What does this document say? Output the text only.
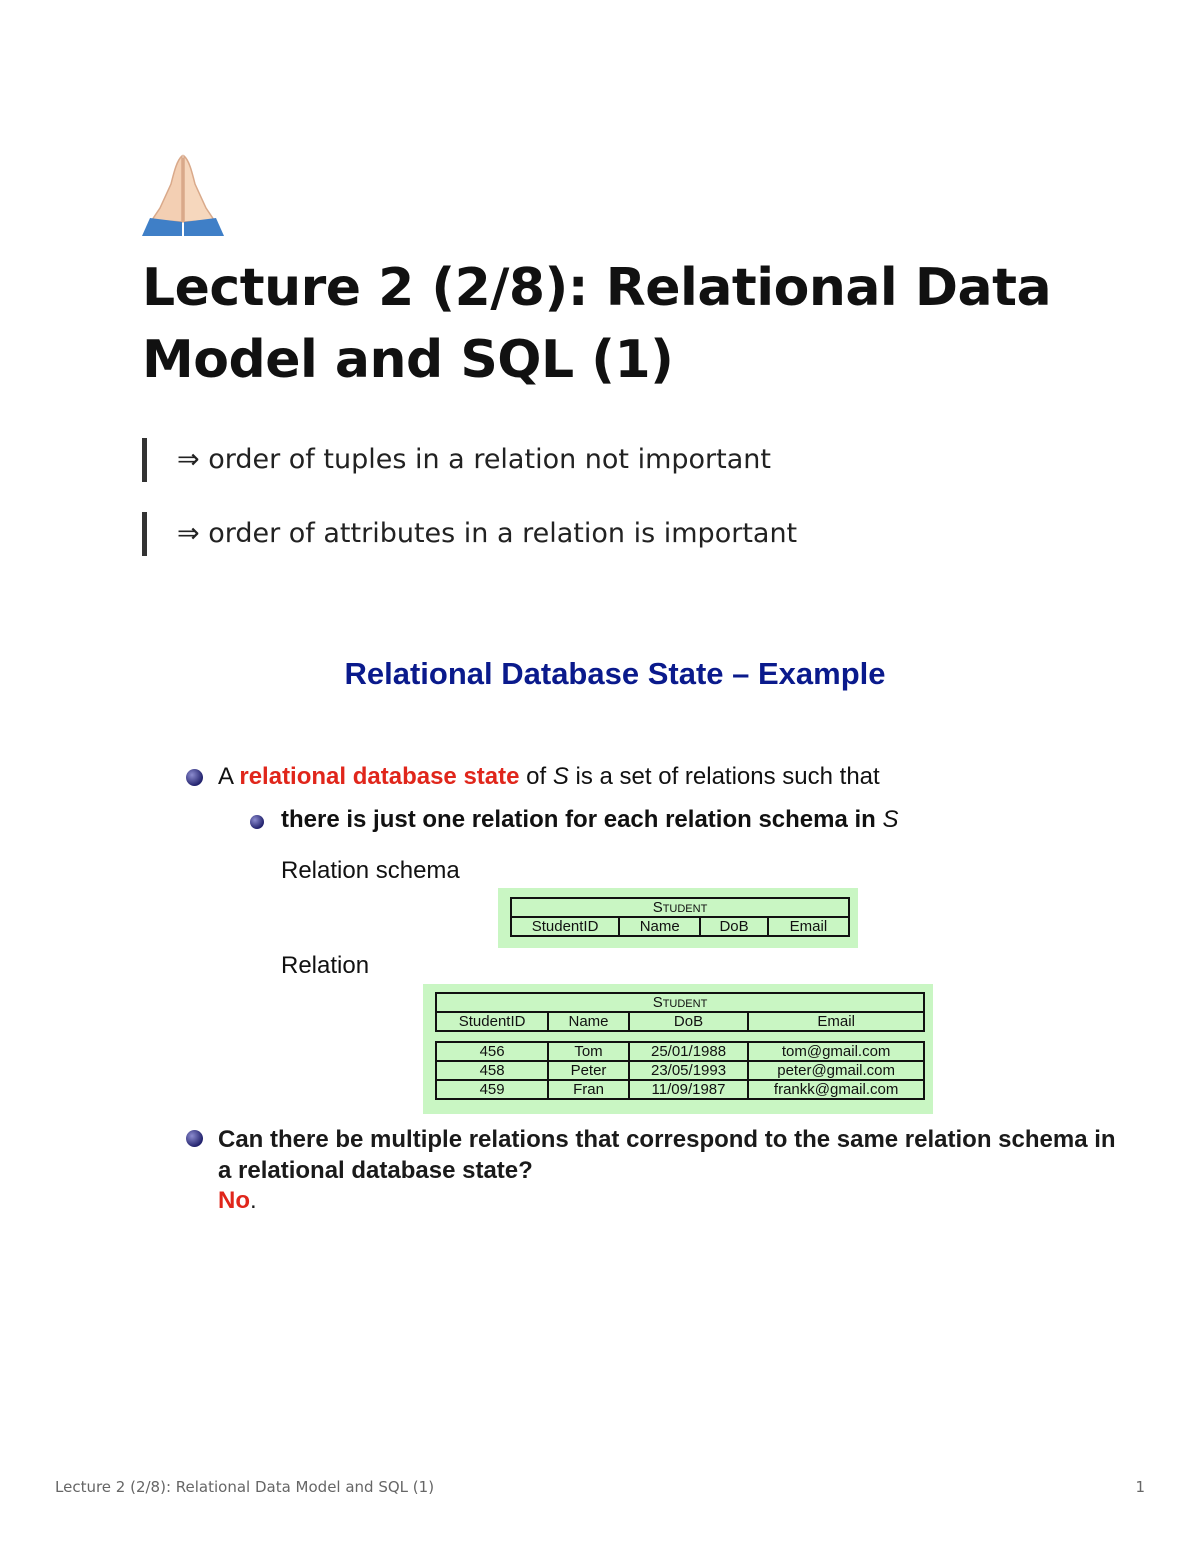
Lecture 2 (2/8): Relational Data Model and SQL (1)
⇒ order of tuples in a relation not important
⇒ order of attributes in a relation is important
Relational Database State – Example
A relational database state of S is a set of relations such that
there is just one relation for each relation schema in S
Relation schema
Relation
Student
StudentID	Name	DoB	Email
Student
StudentID	Name	DoB	Email
456	Tom	25/01/1988	tom@gmail.com
458	Peter	23/05/1993	peter@gmail.com
459	Fran	11/09/1987	frankk@gmail.com
Can there be multiple relations that correspond to the same relation schema in a relational database state?
No.
Lecture 2 (2/8): Relational Data Model and SQL (1)	1
